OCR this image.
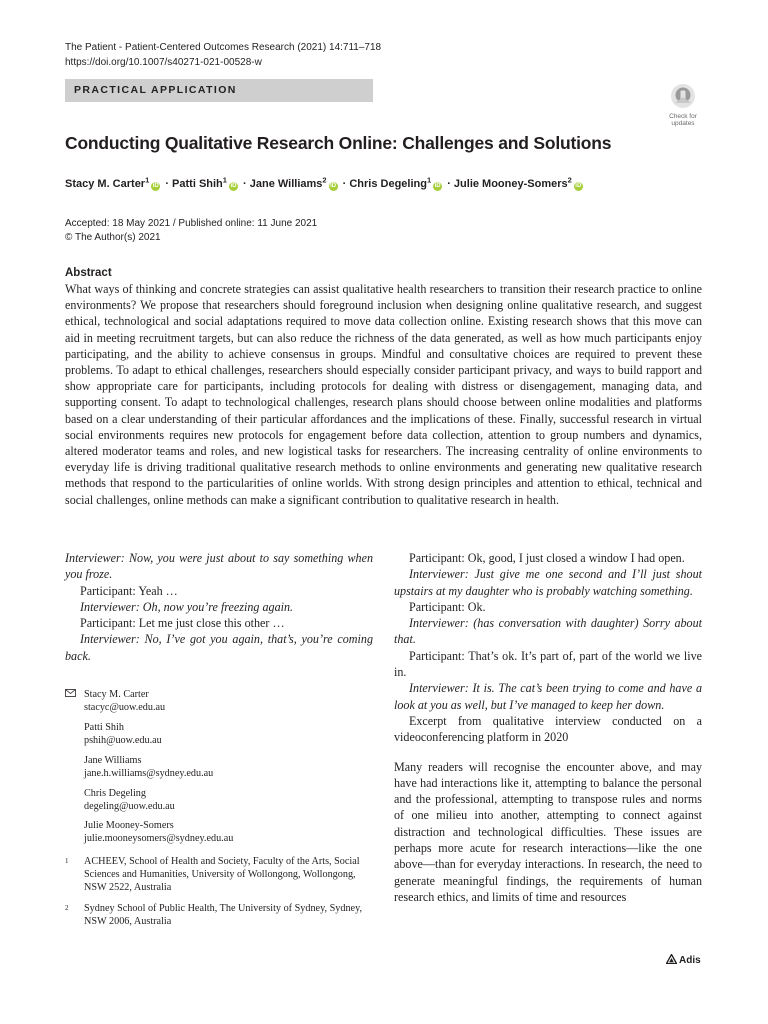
The Patient - Patient-Centered Outcomes Research (2021) 14:711–718
https://doi.org/10.1007/s40271-021-00528-w
PRACTICAL APPLICATION
Check for
updates
Conducting Qualitative Research Online: Challenges and Solutions
Stacy M. Carter$^1$iD · Patti Shih$^1$iD · Jane Williams$^2$iD · Chris Degeling$^1$iD · Julie Mooney-Somers$^2$iD
Accepted: 18 May 2021 / Published online: 11 June 2021
© The Author(s) 2021
Abstract
What ways of thinking and concrete strategies can assist qualitative health researchers to transition their research practice to online environments? We propose that researchers should foreground inclusion when designing online qualitative research, and suggest ethical, technological and social adaptations required to move data collection online. Existing research shows that this move can aid in meeting recruitment targets, but can also reduce the richness of the data generated, as well as how much participants enjoy participating, and the ability to achieve consensus in groups. Mindful and consultative choices are required to prevent these problems. To adapt to ethical challenges, researchers should especially consider participant privacy, and ways to build rapport and show appropriate care for participants, including protocols for dealing with distress or disengagement, managing data, and supporting consent. To adapt to technological challenges, research plans should choose between online modalities and platforms based on a clear understanding of their particular affordances and the implications of these. Finally, successful research in virtual social environments requires new protocols for engagement before data collection, attention to group numbers and dynamics, altered moderator teams and roles, and new logistical tasks for researchers. The increasing centrality of online environments to everyday life is driving traditional qualitative research methods to online environments and generating new qualitative research methods that respond to the particularities of online worlds. With strong design principles and attention to ethical, technical and social challenges, online methods can make a significant contribution to qualitative research in health.

Interviewer: Now, you were just about to say something when you froze.

Participant: Yeah …

Interviewer: Oh, now you’re freezing again.

Participant: Let me just close this other …

Interviewer: No, I’ve got you again, that’s, you’re coming back.

Stacy M. Carter
stacyc@uow.edu.au
Patti Shih
pshih@uow.edu.au
Jane Williams
jane.h.williams@sydney.edu.au
Chris Degeling
degeling@uow.edu.au
Julie Mooney-Somers
julie.mooneysomers@sydney.edu.au
1 ACHEEV, School of Health and Society, Faculty of the Arts, Social Sciences and Humanities, University of Wollongong, Wollongong, NSW 2522, Australia
2 Sydney School of Public Health, The University of Sydney, Sydney, NSW 2006, Australia

Participant: Ok, good, I just closed a window I had open.

Interviewer: Just give me one second and I’ll just shout upstairs at my daughter who is probably watching something.

Participant: Ok.

Interviewer: (has conversation with daughter) Sorry about that.

Participant: That’s ok. It’s part of, part of the world we live in.

Interviewer: It is. The cat’s been trying to come and have a look at you as well, but I’ve managed to keep her down.

Excerpt from qualitative interview conducted on a videoconferencing platform in 2020

Many readers will recognise the encounter above, and may have had interactions like it, attempting to balance the personal and the professional, attempting to transpose rules and norms of one milieu into another, attempting to connect against distraction and technological difficulties. These issues are perhaps more acute for research interactions—like the one above—than for everyday interactions. In research, the need to generate meaningful findings, the requirements of human research ethics, and limits of time and resources

Adis
